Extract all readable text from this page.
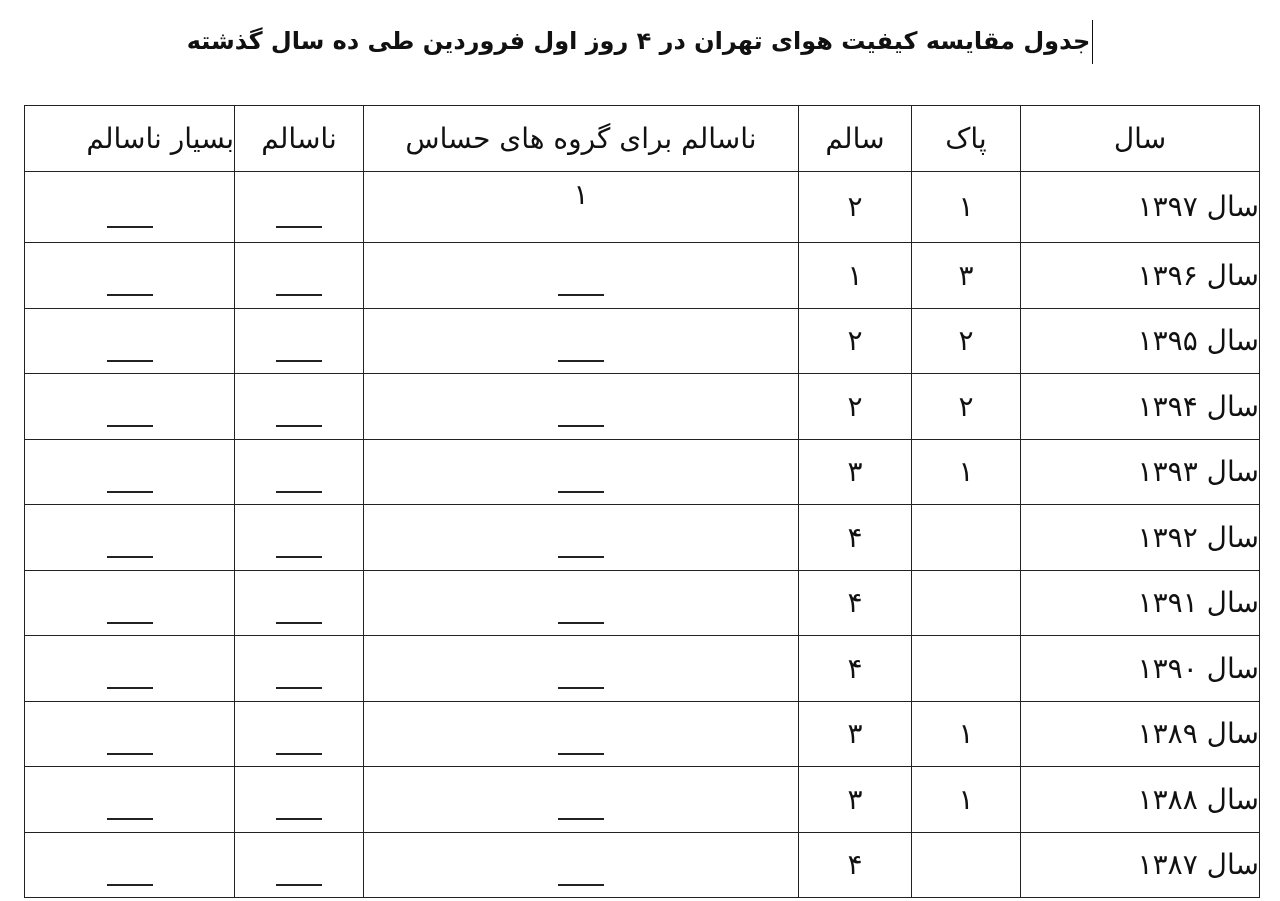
جدول مقایسه کیفیت هوای تهران در ۴ روز اول فروردین طی ده سال گذشته
سال	پاک	سالم	ناسالم برای گروه های حساس	ناسالم	بسیار ناسالم
سال ۱۳۹۷	۱	۲	۱		
سال ۱۳۹۶	۳	۱			
سال ۱۳۹۵	۲	۲			
سال ۱۳۹۴	۲	۲			
سال ۱۳۹۳	۱	۳			
سال ۱۳۹۲		۴			
سال ۱۳۹۱		۴			
سال ۱۳۹۰		۴			
سال ۱۳۸۹	۱	۳			
سال ۱۳۸۸	۱	۳			
سال ۱۳۸۷		۴			
